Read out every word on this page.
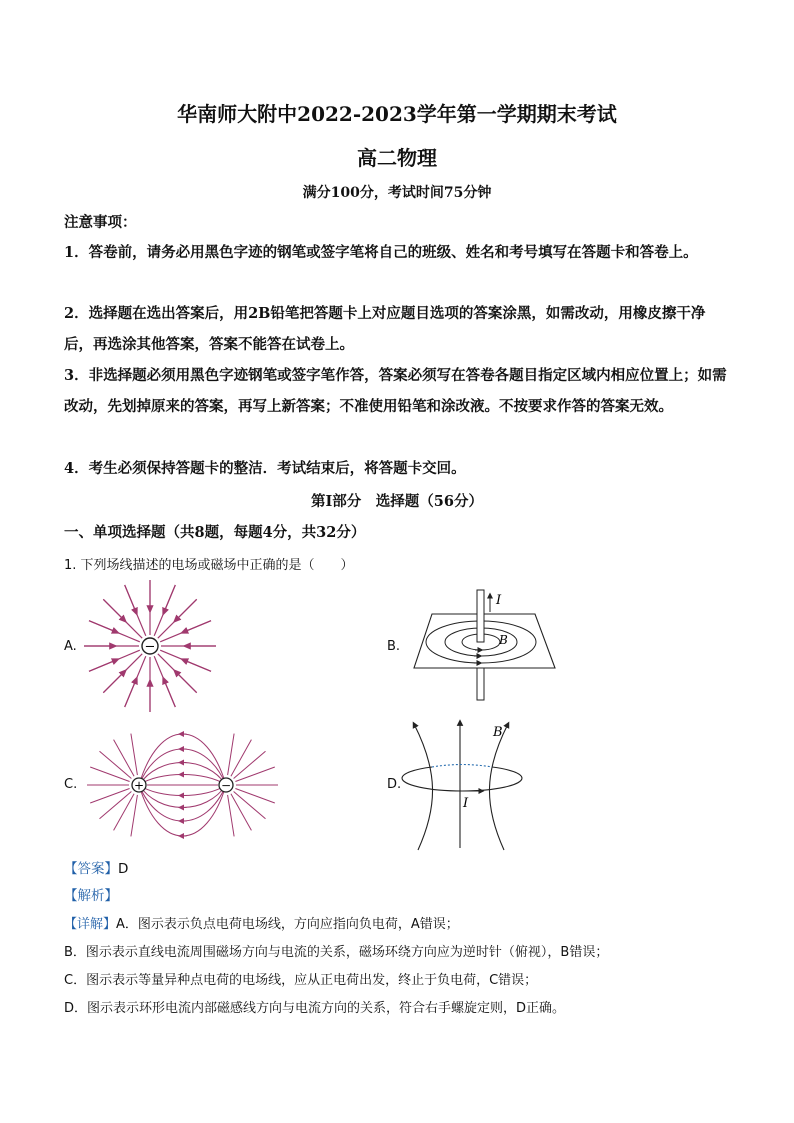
华南师大附中2022-2023学年第一学期期末考试
高二物理
满分100分，考试时间75分钟
注意事项：
1．答卷前，请务必用黑色字迹的钢笔或签字笔将自己的班级、姓名和考号填写在答题卡和答卷上。
2．选择题在选出答案后，用2B铅笔把答题卡上对应题目选项的答案涂黑，如需改动，用橡皮擦干净后，再选涂其他答案，答案不能答在试卷上。
3．非选择题必须用黑色字迹钢笔或签字笔作答，答案必须写在答卷各题目指定区域内相应位置上；如需改动，先划掉原来的答案，再写上新答案；不准使用铅笔和涂改液。不按要求作答的答案无效。
4．考生必须保持答题卡的整洁．考试结束后，将答题卡交回。
第Ⅰ部分　选择题（56分）
一、单项选择题（共8题，每题4分，共32分）
1. 下列场线描述的电场或磁场中正确的是（　　）
A.	B.
C.	D.
−
I
B
+	−
I
B
【答案】D
【解析】
【详解】A．图示表示负点电荷电场线，方向应指向负电荷，A错误；
B．图示表示直线电流周围磁场方向与电流的关系，磁场环绕方向应为逆时针（俯视），B错误；
C．图示表示等量异种点电荷的电场线，应从正电荷出发，终止于负电荷，C错误；
D．图示表示环形电流内部磁感线方向与电流方向的关系，符合右手螺旋定则，D正确。
